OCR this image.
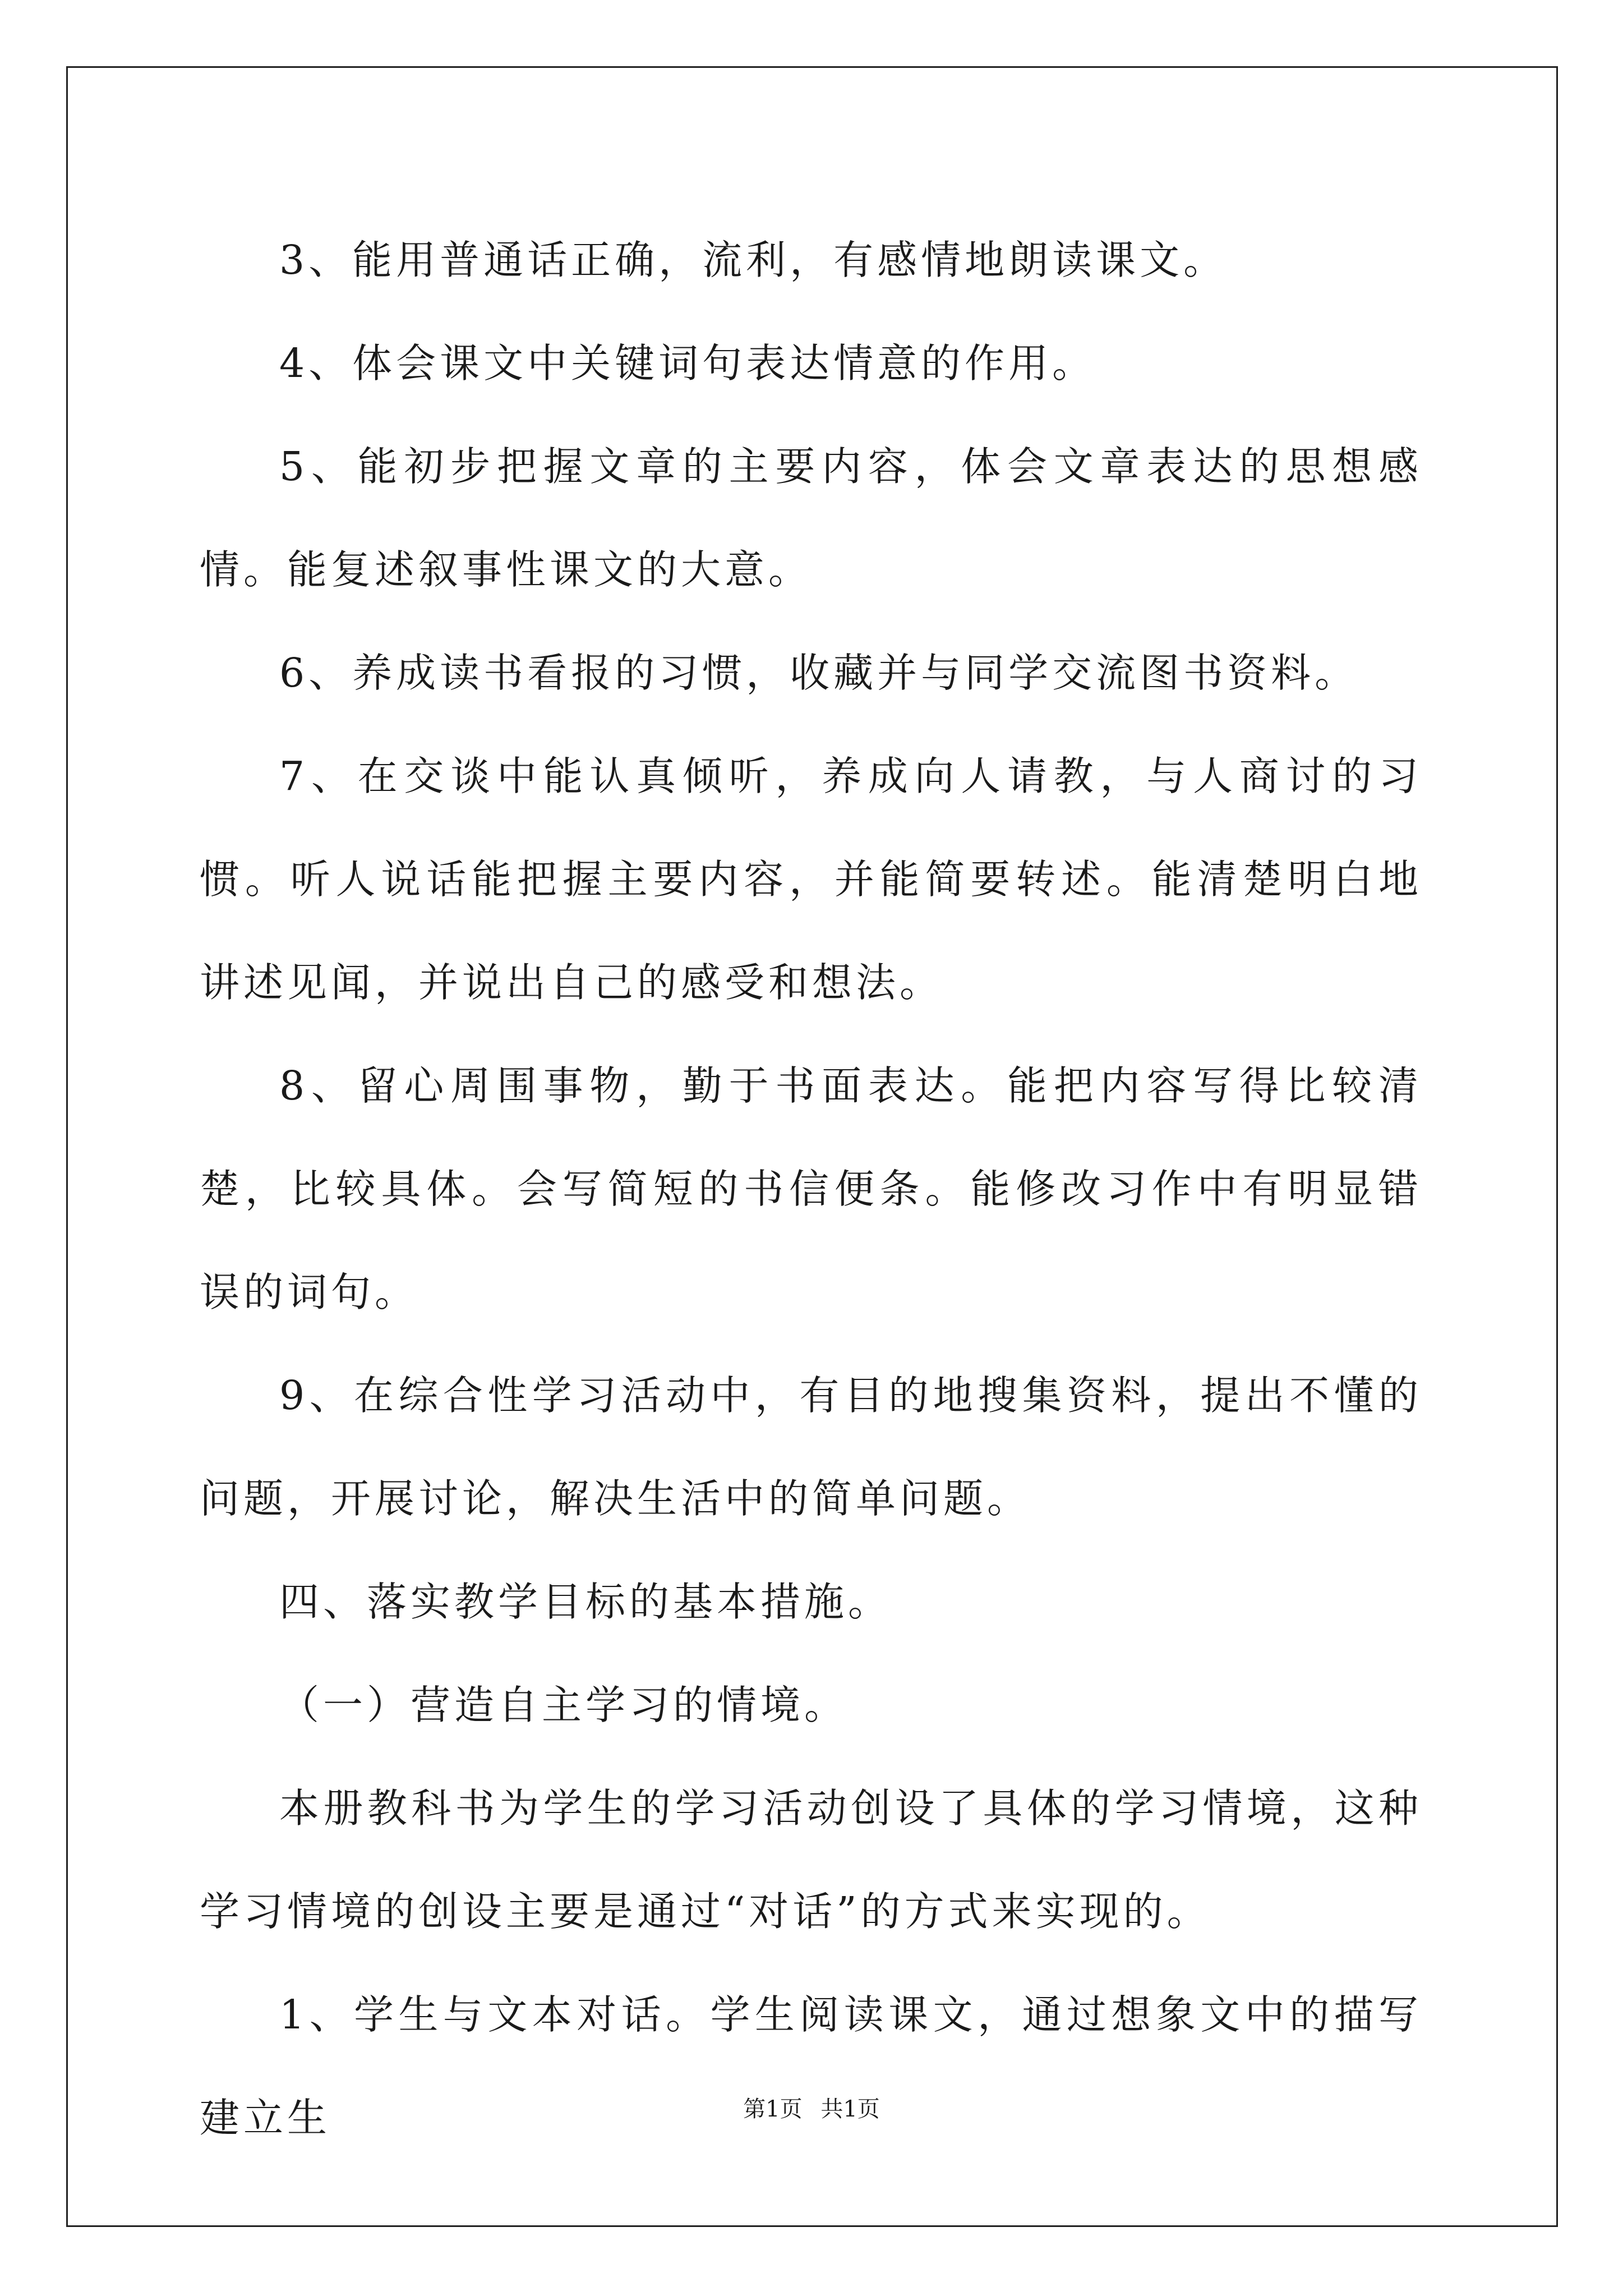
3、能用普通话正确，流利，有感情地朗读课文。

4、体会课文中关键词句表达情意的作用。

5、能初步把握文章的主要内容，体会文章表达的思想感情。能复述叙事性课文的大意。

6、养成读书看报的习惯，收藏并与同学交流图书资料。

7、在交谈中能认真倾听，养成向人请教，与人商讨的习惯。听人说话能把握主要内容，并能简要转述。能清楚明白地讲述见闻，并说出自己的感受和想法。

8、留心周围事物，勤于书面表达。能把内容写得比较清楚，比较具体。会写简短的书信便条。能修改习作中有明显错误的词句。

9、在综合性学习活动中，有目的地搜集资料，提出不懂的问题，开展讨论，解决生活中的简单问题。

四、落实教学目标的基本措施。

（一）营造自主学习的情境。

本册教科书为学生的学习活动创设了具体的学习情境，这种学习情境的创设主要是通过“对话”的方式来实现的。

1、学生与文本对话。学生阅读课文，通过想象文中的描写建立生	第1页 共1页
